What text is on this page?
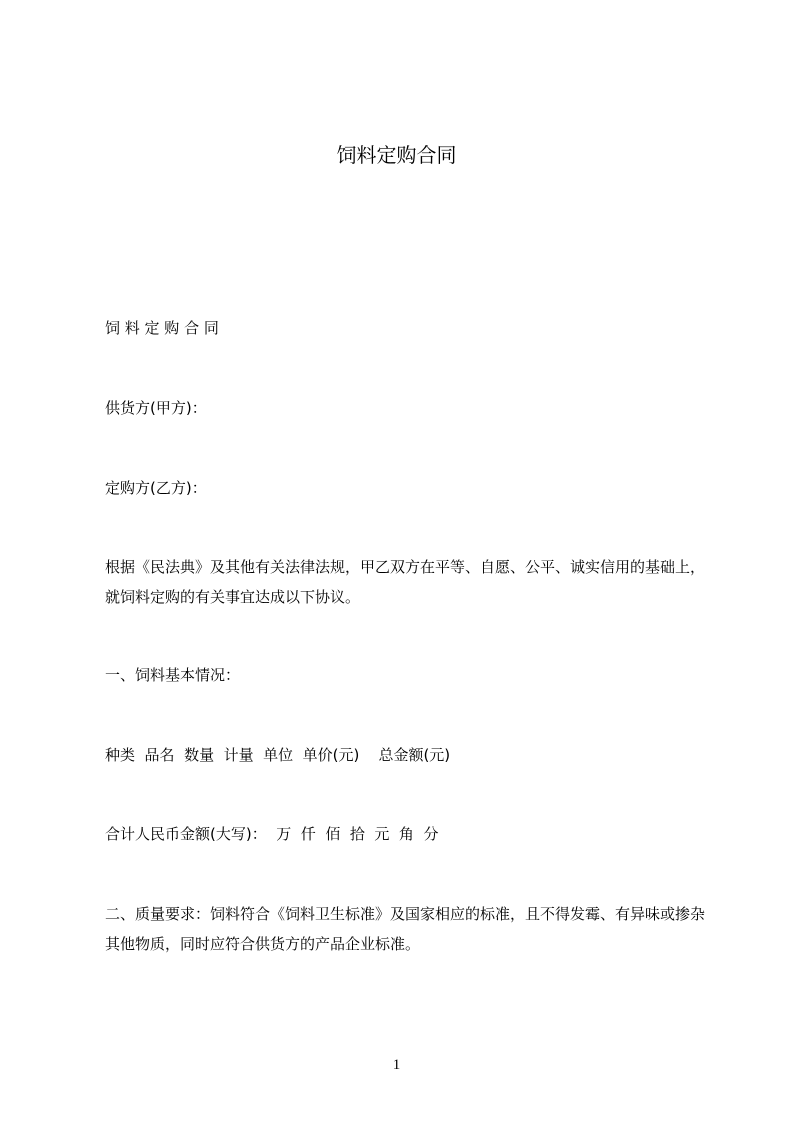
饲料定购合同
饲 料 定 购 合 同
供货方(甲方)：
定购方(乙方)：
根据《民法典》及其他有关法律法规，甲乙双方在平等、自愿、公平、诚实信用的基础上，就饲料定购的有关事宜达成以下协议。
一、饲料基本情况：
种类  品名  数量  计量  单位  单价(元)    总金额(元)
合计人民币金额(大写)：  万  仟  佰  拾  元  角  分
二、质量要求：饲料符合《饲料卫生标准》及国家相应的标准，且不得发霉、有异味或掺杂其他物质，同时应符合供货方的产品企业标准。
1
